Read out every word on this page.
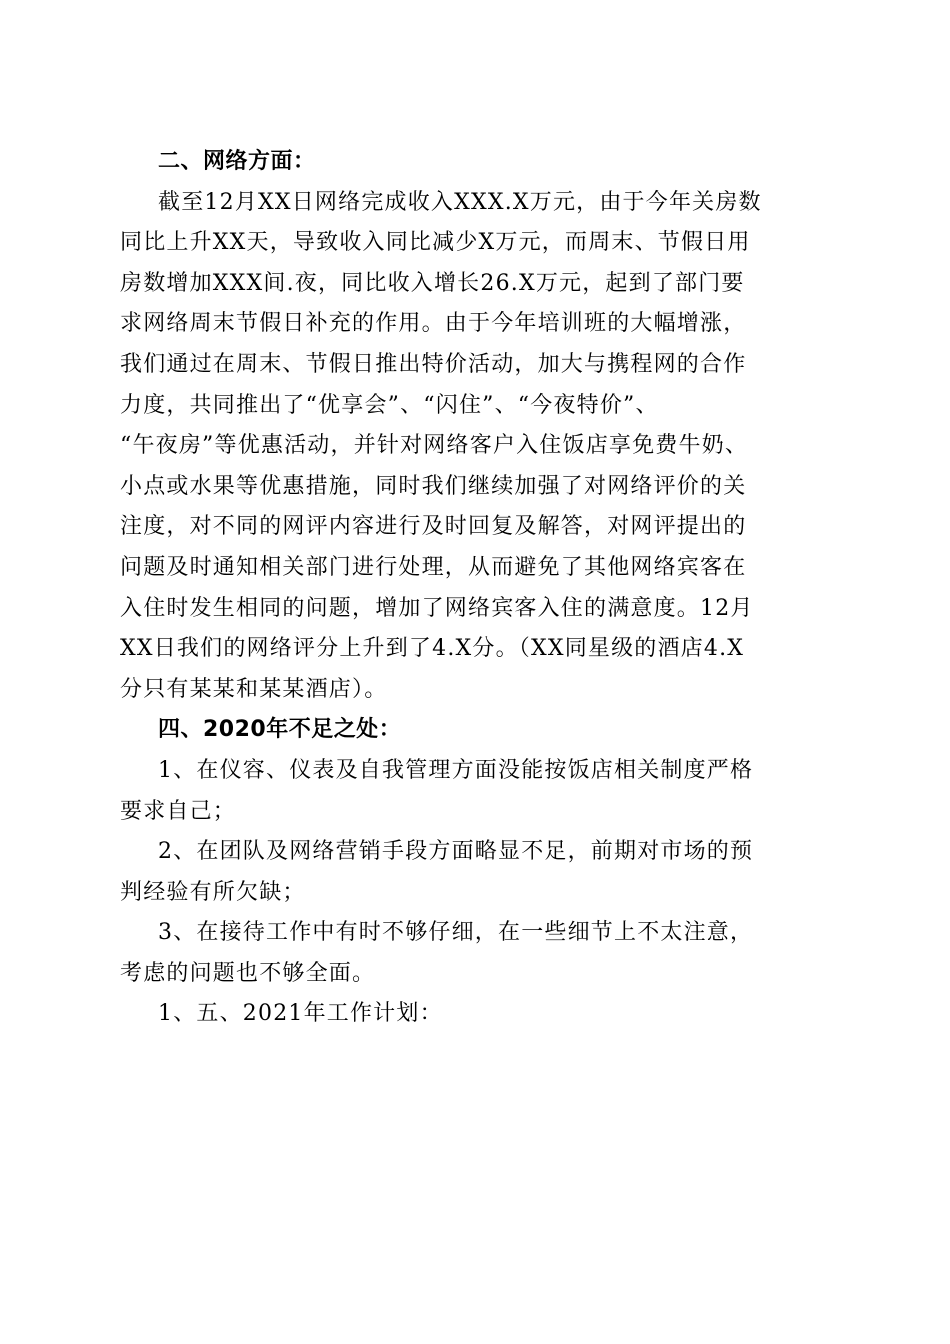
二、网络方面：
截至12月XX日网络完成收入XXX.X万元，由于今年关房数
同比上升XX天，导致收入同比减少X万元，而周末、节假日用
房数增加XXX间.夜，同比收入增长26.X万元，起到了部门要
求网络周末节假日补充的作用。由于今年培训班的大幅增涨，
我们通过在周末、节假日推出特价活动，加大与携程网的合作
力度，共同推出了“优享会”、“闪住”、“今夜特价”、
“午夜房”等优惠活动，并针对网络客户入住饭店享免费牛奶、
小点或水果等优惠措施，同时我们继续加强了对网络评价的关
注度，对不同的网评内容进行及时回复及解答，对网评提出的
问题及时通知相关部门进行处理，从而避免了其他网络宾客在
入住时发生相同的问题，增加了网络宾客入住的满意度。12月
XX日我们的网络评分上升到了4.X分。（XX同星级的酒店4.X
分只有某某和某某酒店）。
四、2020年不足之处：
1、在仪容、仪表及自我管理方面没能按饭店相关制度严格
要求自己；
2、在团队及网络营销手段方面略显不足，前期对市场的预
判经验有所欠缺；
3、在接待工作中有时不够仔细，在一些细节上不太注意，
考虑的问题也不够全面。
1、五、2021年工作计划：
